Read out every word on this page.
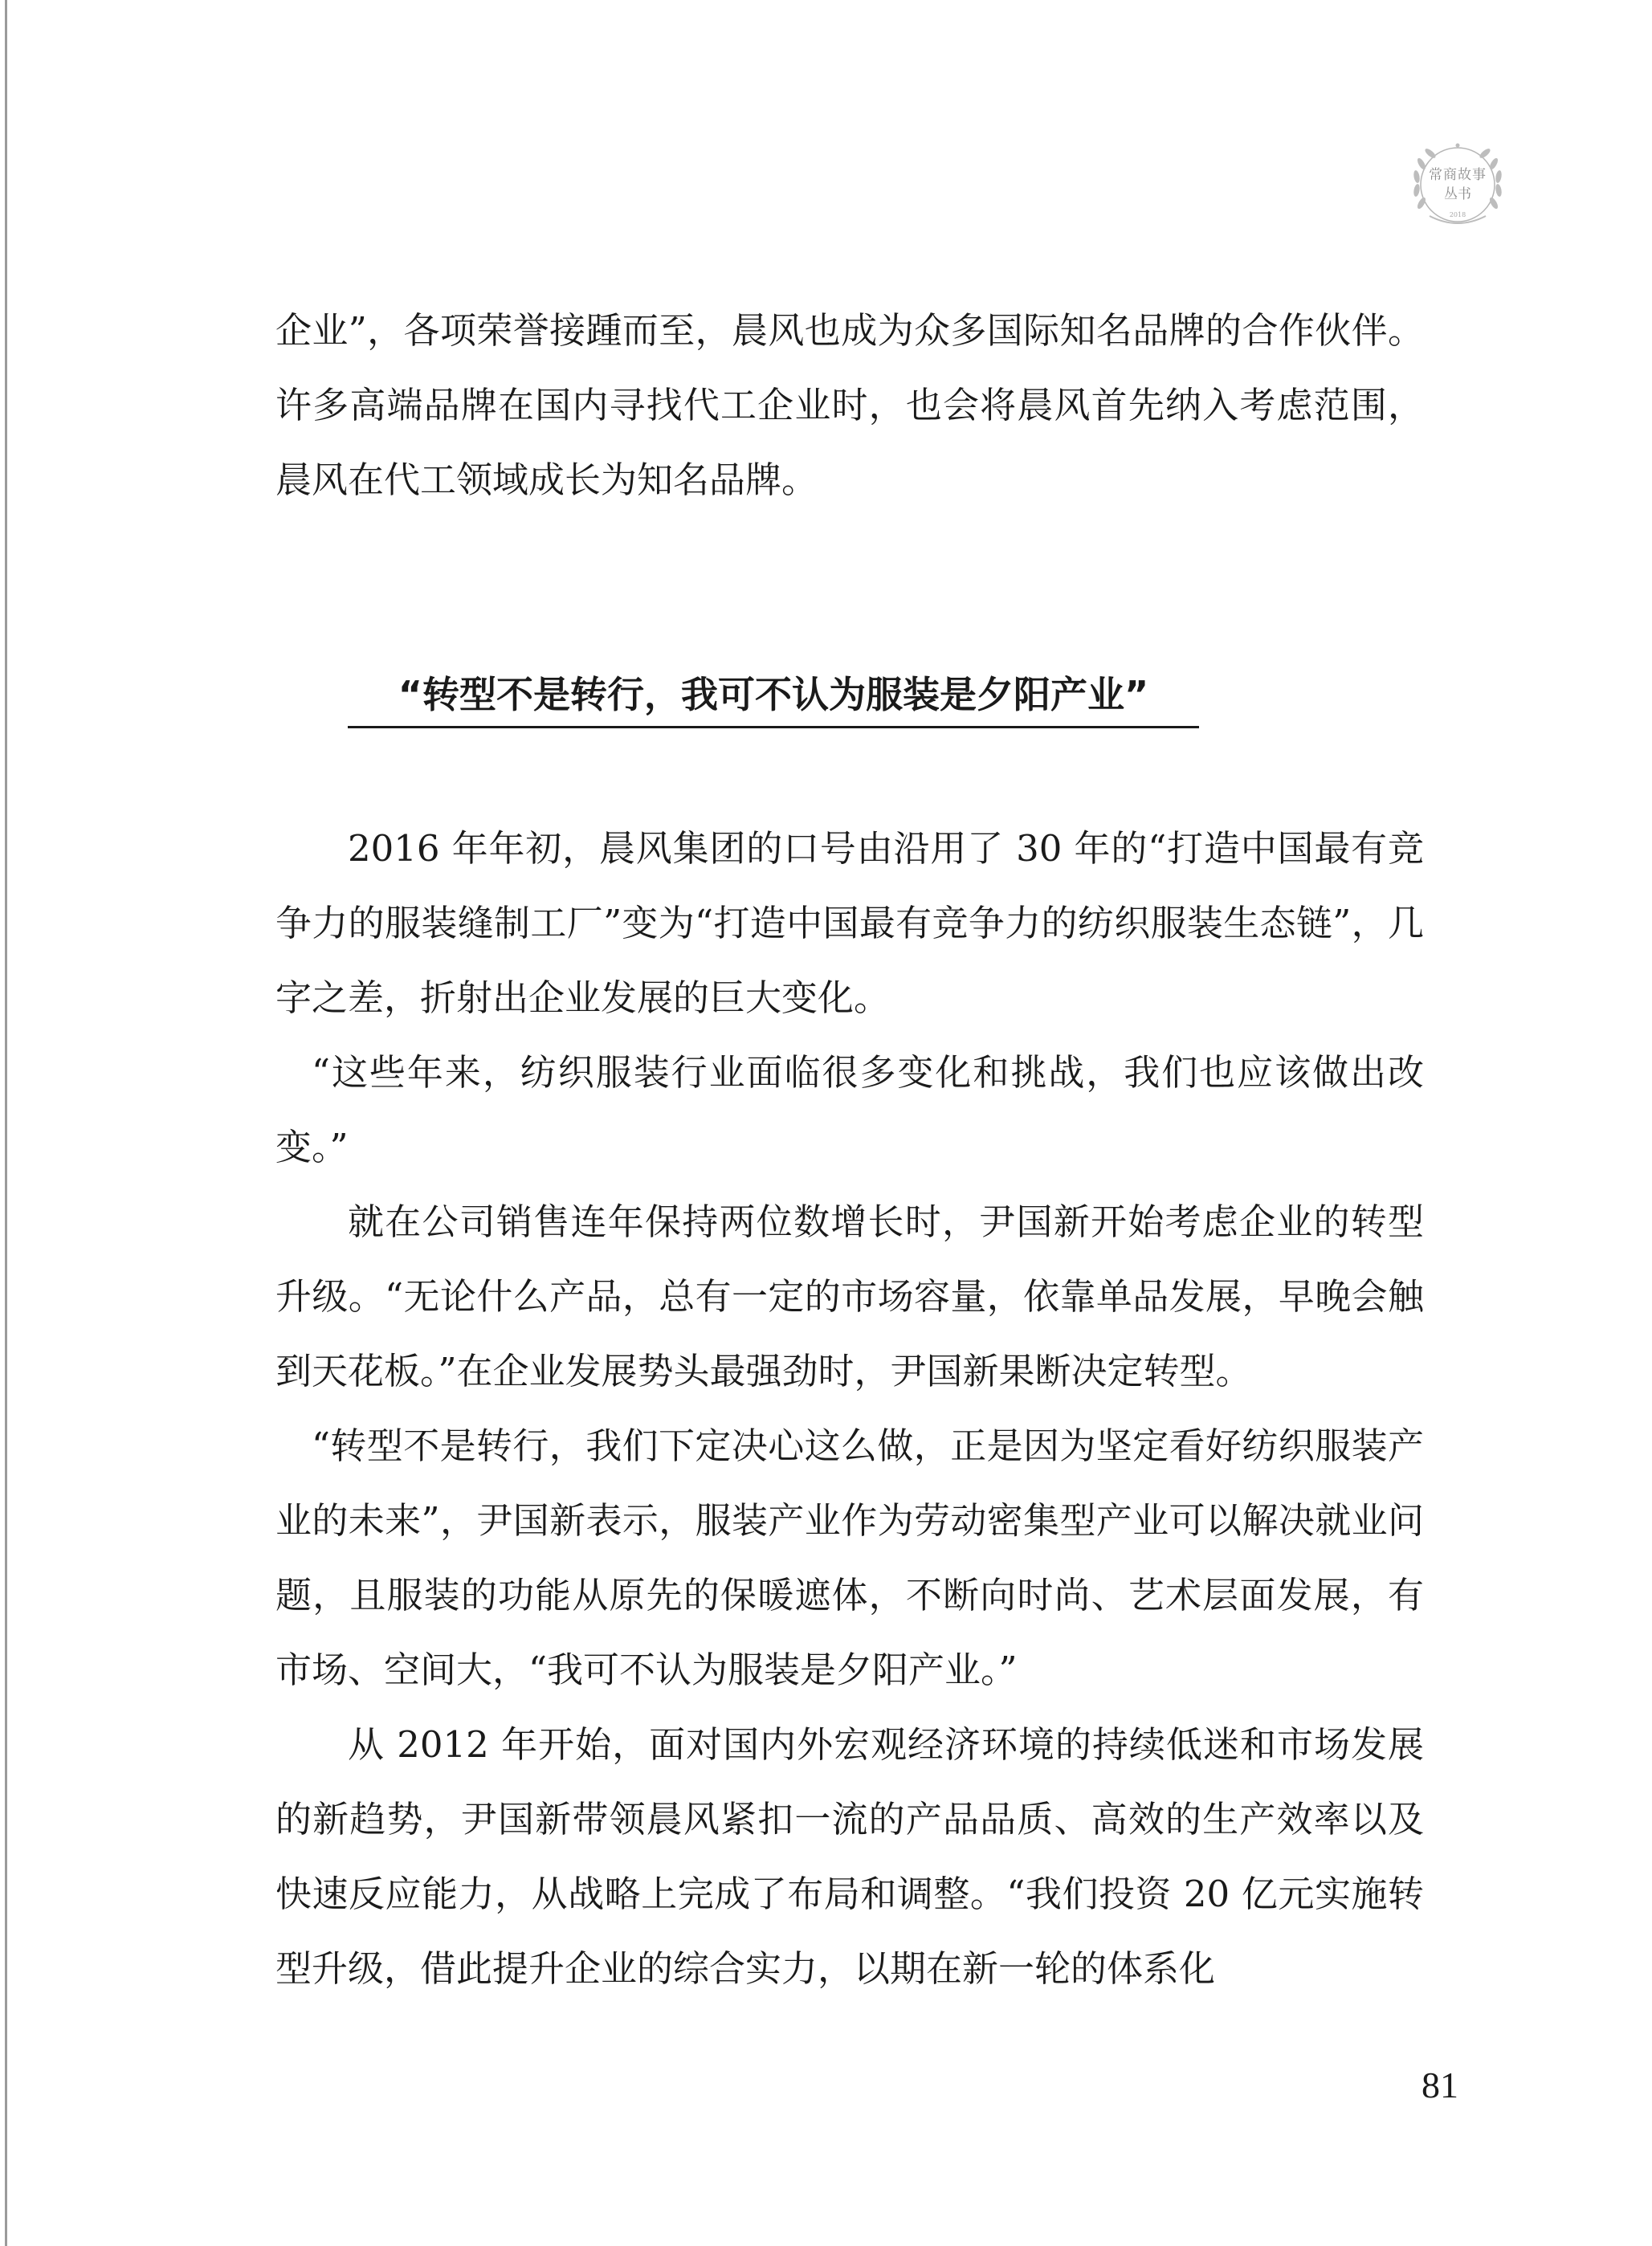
常商故事
丛书
2018

企业”，各项荣誉接踵而至，晨风也成为众多国际知名品牌的合作伙伴。许多高端品牌在国内寻找代工企业时，也会将晨风首先纳入考虑范围，晨风在代工领域成长为知名品牌。

“转型不是转行，我可不认为服装是夕阳产业”

2016 年年初，晨风集团的口号由沿用了 30 年的“打造中国最有竞争力的服装缝制工厂”变为“打造中国最有竞争力的纺织服装生态链”，几字之差，折射出企业发展的巨大变化。

“这些年来，纺织服装行业面临很多变化和挑战，我们也应该做出改变。”

就在公司销售连年保持两位数增长时，尹国新开始考虑企业的转型升级。“无论什么产品，总有一定的市场容量，依靠单品发展，早晚会触到天花板。”在企业发展势头最强劲时，尹国新果断决定转型。

“转型不是转行，我们下定决心这么做，正是因为坚定看好纺织服装产业的未来”，尹国新表示，服装产业作为劳动密集型产业可以解决就业问题，且服装的功能从原先的保暖遮体，不断向时尚、艺术层面发展，有市场、空间大，“我可不认为服装是夕阳产业。”

从 2012 年开始，面对国内外宏观经济环境的持续低迷和市场发展的新趋势，尹国新带领晨风紧扣一流的产品品质、高效的生产效率以及快速反应能力，从战略上完成了布局和调整。“我们投资 20 亿元实施转型升级，借此提升企业的综合实力，以期在新一轮的体系化

81
